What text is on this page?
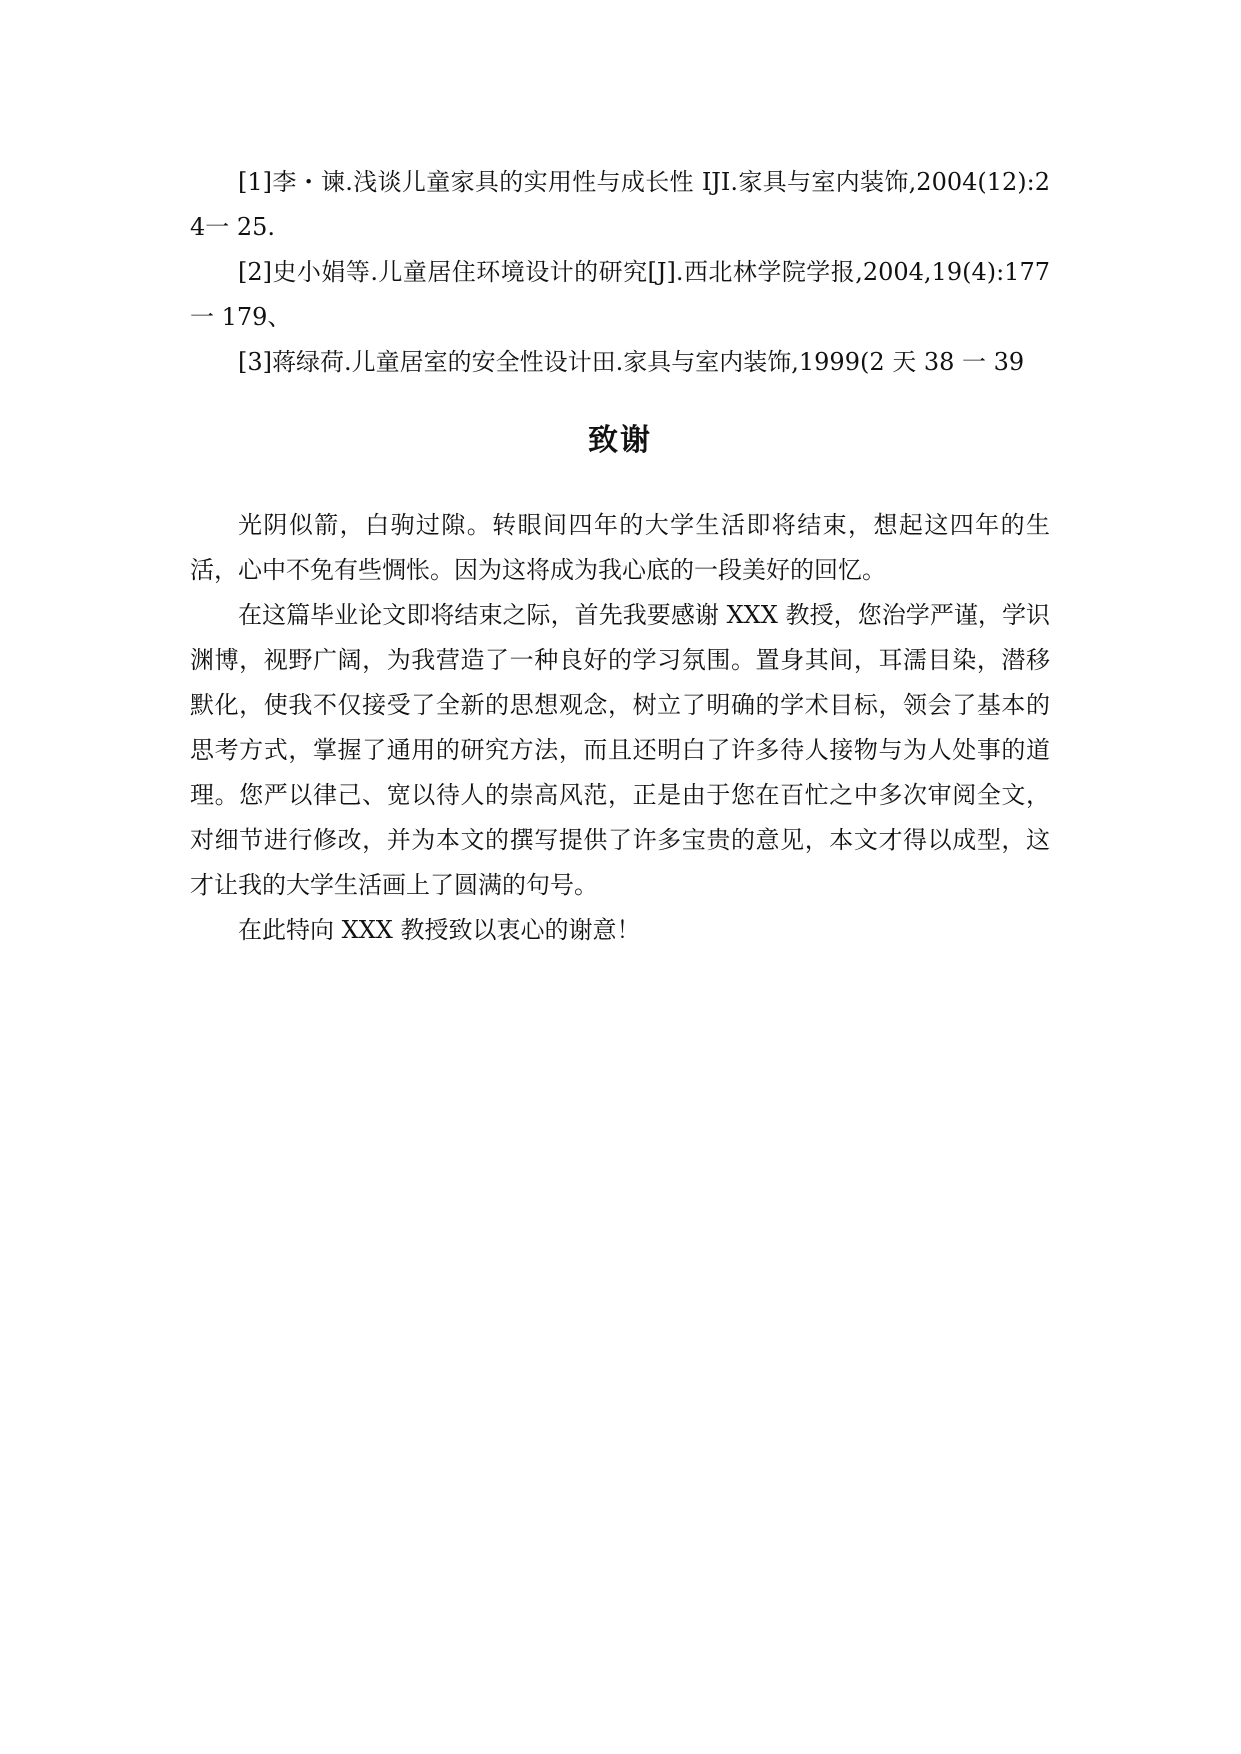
[1]李・谏.浅谈儿童家具的实用性与成长性 IJI.家具与室内装饰,2004(12):24一 25.

[2]史小娟等.儿童居住环境设计的研究[J].西北林学院学报,2004,19(4):177一 179、

[3]蒋绿荷.儿童居室的安全性设计田.家具与室内装饰,1999(2 天 38 一 39

致谢

光阴似箭，白驹过隙。转眼间四年的大学生活即将结束，想起这四年的生活，心中不免有些惆怅。因为这将成为我心底的一段美好的回忆。

在这篇毕业论文即将结束之际，首先我要感谢 XXX 教授，您治学严谨，学识渊博，视野广阔，为我营造了一种良好的学习氛围。置身其间，耳濡目染，潜移默化，使我不仅接受了全新的思想观念，树立了明确的学术目标，领会了基本的思考方式，掌握了通用的研究方法，而且还明白了许多待人接物与为人处事的道理。您严以律己、宽以待人的崇高风范，正是由于您在百忙之中多次审阅全文，对细节进行修改，并为本文的撰写提供了许多宝贵的意见，本文才得以成型，这才让我的大学生活画上了圆满的句号。

在此特向 XXX 教授致以衷心的谢意！
